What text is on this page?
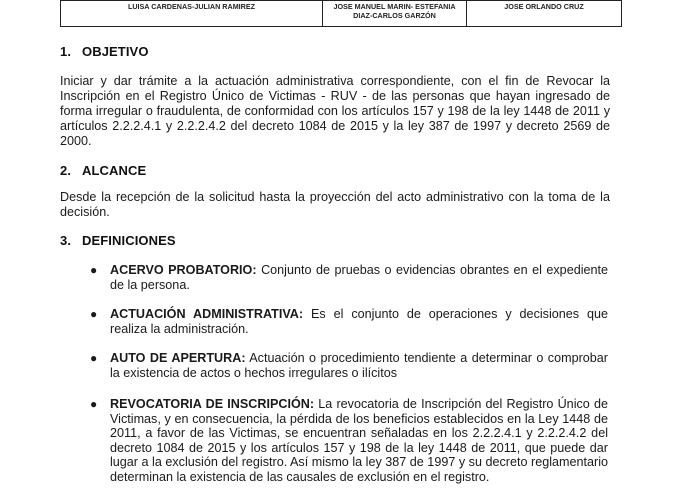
LUISA CARDENAS-JULIAN RAMIREZ	JOSE MANUEL MARIN- ESTEFANIA DIAZ-CARLOS GARZÓN	JOSE ORLANDO CRUZ
1. OBJETIVO

Iniciar y dar trámite a la actuación administrativa correspondiente, con el fin de Revocar la Inscripción en el Registro Único de Victimas - RUV - de las personas que hayan ingresado de forma irregular o fraudulenta, de conformidad con los artículos 157 y 198 de la ley 1448 de 2011 y artículos 2.2.2.4.1 y 2.2.2.4.2 del decreto 1084 de 2015 y la ley 387 de 1997 y decreto 2569 de 2000.

2. ALCANCE

Desde la recepción de la solicitud hasta la proyección del acto administrativo con la toma de la decisión.

3. DEFINICIONES
● ACERVO PROBATORIO: Conjunto de pruebas o evidencias obrantes en el expediente de la persona.
● ACTUACIÓN ADMINISTRATIVA: Es el conjunto de operaciones y decisiones que realiza la administración.
● AUTO DE APERTURA: Actuación o procedimiento tendiente a determinar o comprobar la existencia de actos o hechos irregulares o ilícitos
● REVOCATORIA DE INSCRIPCIÓN: La revocatoria de Inscripción del Registro Único de Victimas, y en consecuencia, la pérdida de los beneficios establecidos en la Ley 1448 de 2011, a favor de las Victimas, se encuentran señaladas en los 2.2.2.4.1 y 2.2.2.4.2 del decreto 1084 de 2015 y los artículos 157 y 198 de la ley 1448 de 2011, que puede dar lugar a la exclusión del registro. Así mismo la ley 387 de 1997 y su decreto reglamentario determinan la existencia de las causales de exclusión en el registro.
